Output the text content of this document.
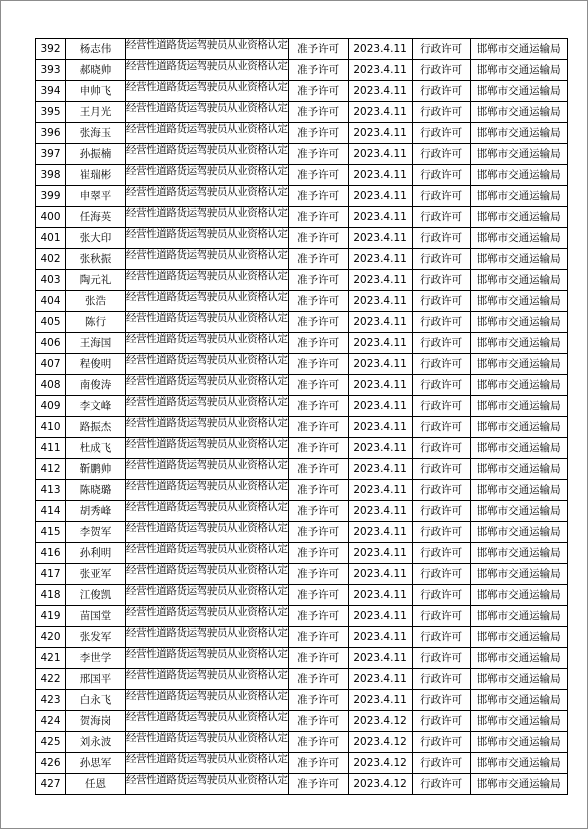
392	杨志伟	经营性道路货运驾驶员从业资格认定	准予许可	2023.4.11	行政许可	邯郸市交通运输局
393	郝晓帅	经营性道路货运驾驶员从业资格认定	准予许可	2023.4.11	行政许可	邯郸市交通运输局
394	申帅飞	经营性道路货运驾驶员从业资格认定	准予许可	2023.4.11	行政许可	邯郸市交通运输局
395	王月光	经营性道路货运驾驶员从业资格认定	准予许可	2023.4.11	行政许可	邯郸市交通运输局
396	张海玉	经营性道路货运驾驶员从业资格认定	准予许可	2023.4.11	行政许可	邯郸市交通运输局
397	孙振楠	经营性道路货运驾驶员从业资格认定	准予许可	2023.4.11	行政许可	邯郸市交通运输局
398	崔瑞彬	经营性道路货运驾驶员从业资格认定	准予许可	2023.4.11	行政许可	邯郸市交通运输局
399	申翠平	经营性道路货运驾驶员从业资格认定	准予许可	2023.4.11	行政许可	邯郸市交通运输局
400	任海英	经营性道路货运驾驶员从业资格认定	准予许可	2023.4.11	行政许可	邯郸市交通运输局
401	张大印	经营性道路货运驾驶员从业资格认定	准予许可	2023.4.11	行政许可	邯郸市交通运输局
402	张秋振	经营性道路货运驾驶员从业资格认定	准予许可	2023.4.11	行政许可	邯郸市交通运输局
403	陶元礼	经营性道路货运驾驶员从业资格认定	准予许可	2023.4.11	行政许可	邯郸市交通运输局
404	张浩	经营性道路货运驾驶员从业资格认定	准予许可	2023.4.11	行政许可	邯郸市交通运输局
405	陈行	经营性道路货运驾驶员从业资格认定	准予许可	2023.4.11	行政许可	邯郸市交通运输局
406	王海国	经营性道路货运驾驶员从业资格认定	准予许可	2023.4.11	行政许可	邯郸市交通运输局
407	程俊明	经营性道路货运驾驶员从业资格认定	准予许可	2023.4.11	行政许可	邯郸市交通运输局
408	南俊涛	经营性道路货运驾驶员从业资格认定	准予许可	2023.4.11	行政许可	邯郸市交通运输局
409	李文峰	经营性道路货运驾驶员从业资格认定	准予许可	2023.4.11	行政许可	邯郸市交通运输局
410	路振杰	经营性道路货运驾驶员从业资格认定	准予许可	2023.4.11	行政许可	邯郸市交通运输局
411	杜成飞	经营性道路货运驾驶员从业资格认定	准予许可	2023.4.11	行政许可	邯郸市交通运输局
412	靳鹏帅	经营性道路货运驾驶员从业资格认定	准予许可	2023.4.11	行政许可	邯郸市交通运输局
413	陈晓璐	经营性道路货运驾驶员从业资格认定	准予许可	2023.4.11	行政许可	邯郸市交通运输局
414	胡秀峰	经营性道路货运驾驶员从业资格认定	准予许可	2023.4.11	行政许可	邯郸市交通运输局
415	李贺军	经营性道路货运驾驶员从业资格认定	准予许可	2023.4.11	行政许可	邯郸市交通运输局
416	孙利明	经营性道路货运驾驶员从业资格认定	准予许可	2023.4.11	行政许可	邯郸市交通运输局
417	张亚军	经营性道路货运驾驶员从业资格认定	准予许可	2023.4.11	行政许可	邯郸市交通运输局
418	江俊凯	经营性道路货运驾驶员从业资格认定	准予许可	2023.4.11	行政许可	邯郸市交通运输局
419	苗国堂	经营性道路货运驾驶员从业资格认定	准予许可	2023.4.11	行政许可	邯郸市交通运输局
420	张发军	经营性道路货运驾驶员从业资格认定	准予许可	2023.4.11	行政许可	邯郸市交通运输局
421	李世学	经营性道路货运驾驶员从业资格认定	准予许可	2023.4.11	行政许可	邯郸市交通运输局
422	邢国平	经营性道路货运驾驶员从业资格认定	准予许可	2023.4.11	行政许可	邯郸市交通运输局
423	白永飞	经营性道路货运驾驶员从业资格认定	准予许可	2023.4.11	行政许可	邯郸市交通运输局
424	贺海岗	经营性道路货运驾驶员从业资格认定	准予许可	2023.4.12	行政许可	邯郸市交通运输局
425	刘永波	经营性道路货运驾驶员从业资格认定	准予许可	2023.4.12	行政许可	邯郸市交通运输局
426	孙思军	经营性道路货运驾驶员从业资格认定	准予许可	2023.4.12	行政许可	邯郸市交通运输局
427	任恩	经营性道路货运驾驶员从业资格认定	准予许可	2023.4.12	行政许可	邯郸市交通运输局
